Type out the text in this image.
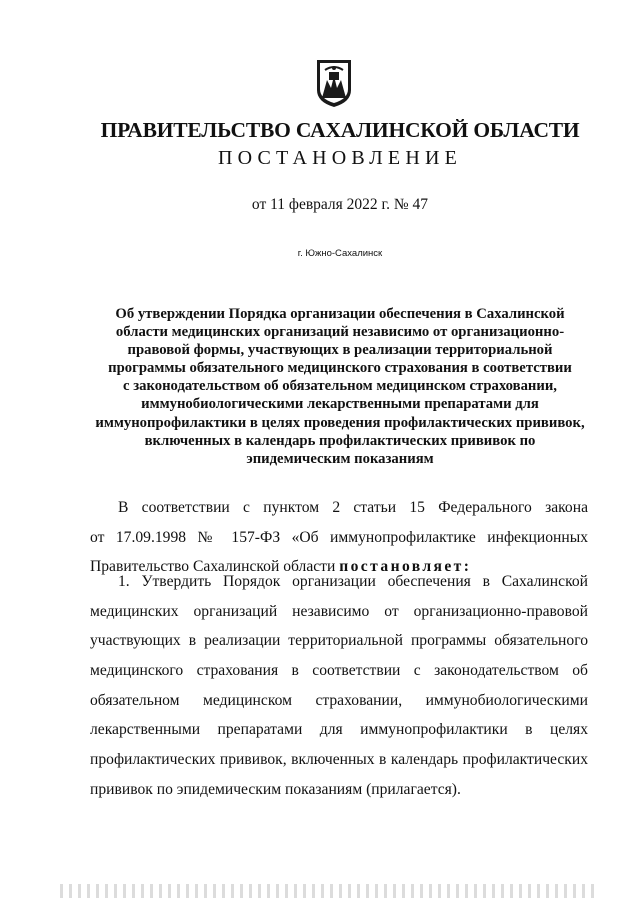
ПРАВИТЕЛЬСТВО САХАЛИНСКОЙ ОБЛАСТИ
ПОСТАНОВЛЕНИЕ
от 11 февраля 2022 г. № 47
г. Южно-Сахалинск
Об утверждении Порядка организации обеспечения в Сахалинской
области медицинских организаций независимо от организационно-
правовой формы, участвующих в реализации территориальной
программы обязательного медицинского страхования в соответствии
с законодательством об обязательном медицинском страховании,
иммунобиологическими лекарственными препаратами для
иммунопрофилактики в целях проведения профилактических прививок,
включенных в календарь профилактических прививок по
эпидемическим показаниям
В соответствии с пунктом 2 статьи 15 Федерального закона
от 17.09.1998 № 157-ФЗ «Об иммунопрофилактике инфекционных
Правительство Сахалинской области постановляет:
1. Утвердить Порядок организации обеспечения в Сахалинской
медицинских организаций независимо от организационно-правовой
участвующих в реализации территориальной программы обязательного
медицинского страхования в соответствии с законодательством об
обязательном медицинском страховании, иммунобиологическими
лекарственными препаратами для иммунопрофилактики в целях
профилактических прививок, включенных в календарь профилактических
прививок по эпидемическим показаниям (прилагается).
